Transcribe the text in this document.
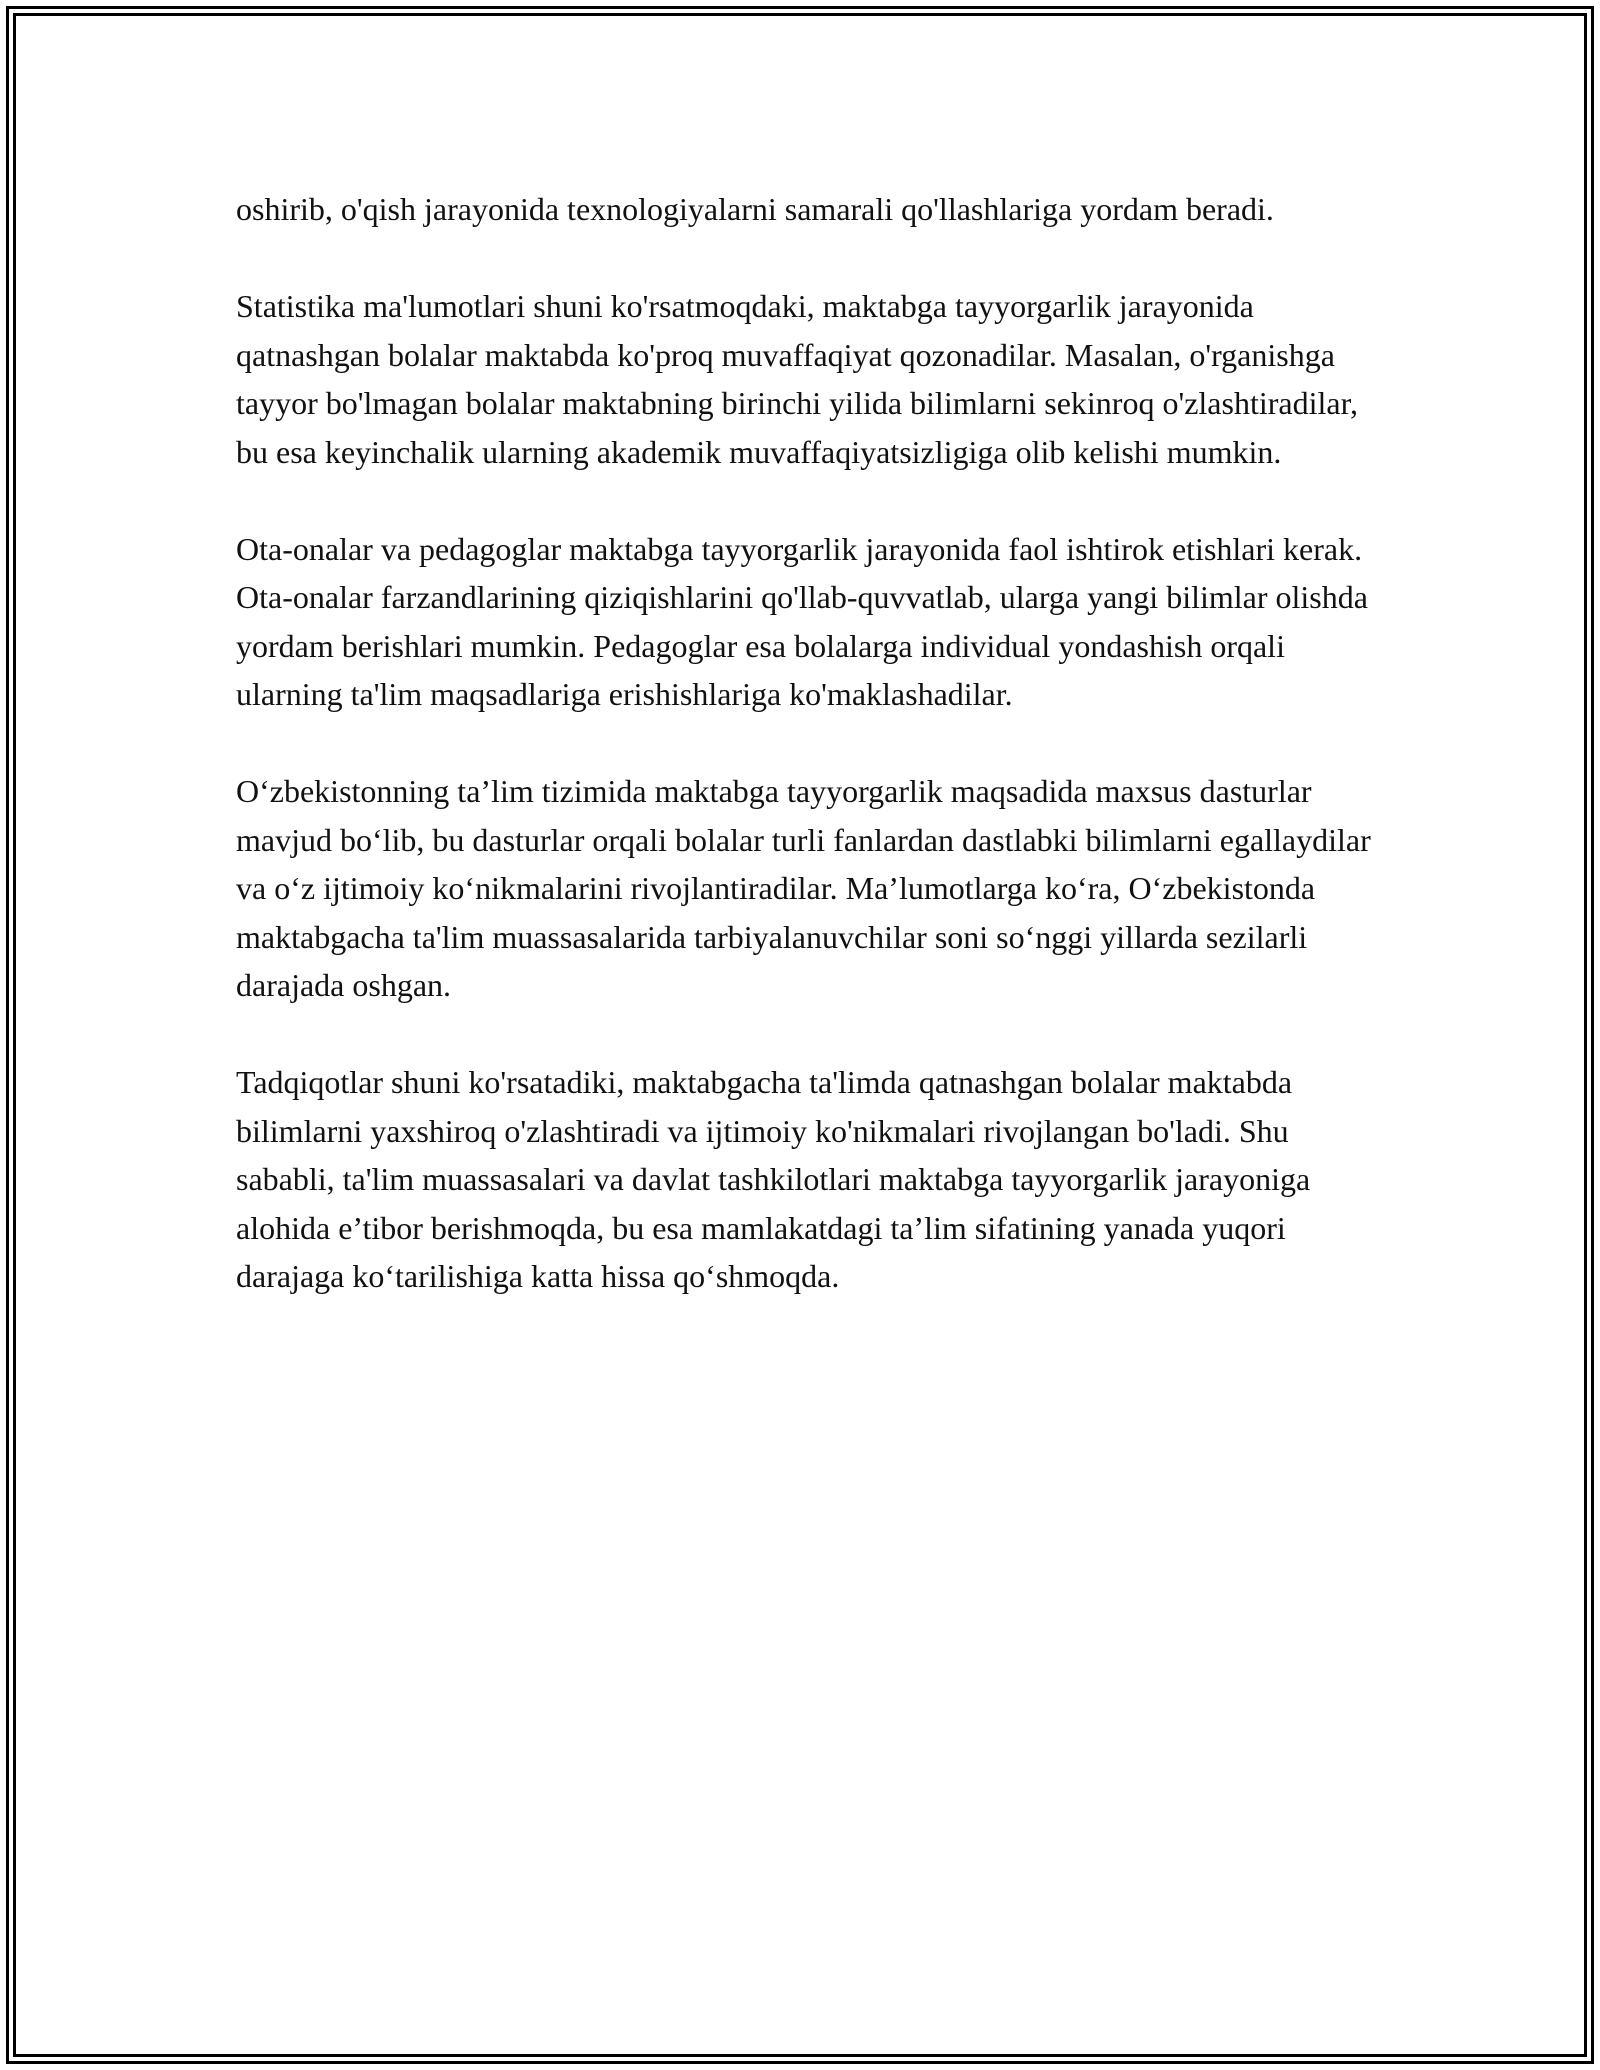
oshirib, o'qish jarayonida texnologiyalarni samarali qo'llashlariga yordam beradi.

Statistika ma'lumotlari shuni ko'rsatmoqdaki, maktabga tayyorgarlik jarayonida qatnashgan bolalar maktabda ko'proq muvaffaqiyat qozonadilar. Masalan, o'rganishga tayyor bo'lmagan bolalar maktabning birinchi yilida bilimlarni sekinroq o'zlashtiradilar, bu esa keyinchalik ularning akademik muvaffaqiyatsizligiga olib kelishi mumkin.

Ota-onalar va pedagoglar maktabga tayyorgarlik jarayonida faol ishtirok etishlari kerak. Ota-onalar farzandlarining qiziqishlarini qo'llab-quvvatlab, ularga yangi bilimlar olishda yordam berishlari mumkin. Pedagoglar esa bolalarga individual yondashish orqali ularning ta'lim maqsadlariga erishishlariga ko'maklashadilar.

O‘zbekistonning ta’lim tizimida maktabga tayyorgarlik maqsadida maxsus dasturlar mavjud bo‘lib, bu dasturlar orqali bolalar turli fanlardan dastlabki bilimlarni egallaydilar va o‘z ijtimoiy ko‘nikmalarini rivojlantiradilar. Ma’lumotlarga ko‘ra, O‘zbekistonda maktabgacha ta'lim muassasalarida tarbiyalanuvchilar soni so‘nggi yillarda sezilarli darajada oshgan.

Tadqiqotlar shuni ko'rsatadiki, maktabgacha ta'limda qatnashgan bolalar maktabda bilimlarni yaxshiroq o'zlashtiradi va ijtimoiy ko'nikmalari rivojlangan bo'ladi. Shu sababli, ta'lim muassasalari va davlat tashkilotlari maktabga tayyorgarlik jarayoniga alohida e’tibor berishmoqda, bu esa mamlakatdagi ta’lim sifatining yanada yuqori darajaga ko‘tarilishiga katta hissa qo‘shmoqda.
